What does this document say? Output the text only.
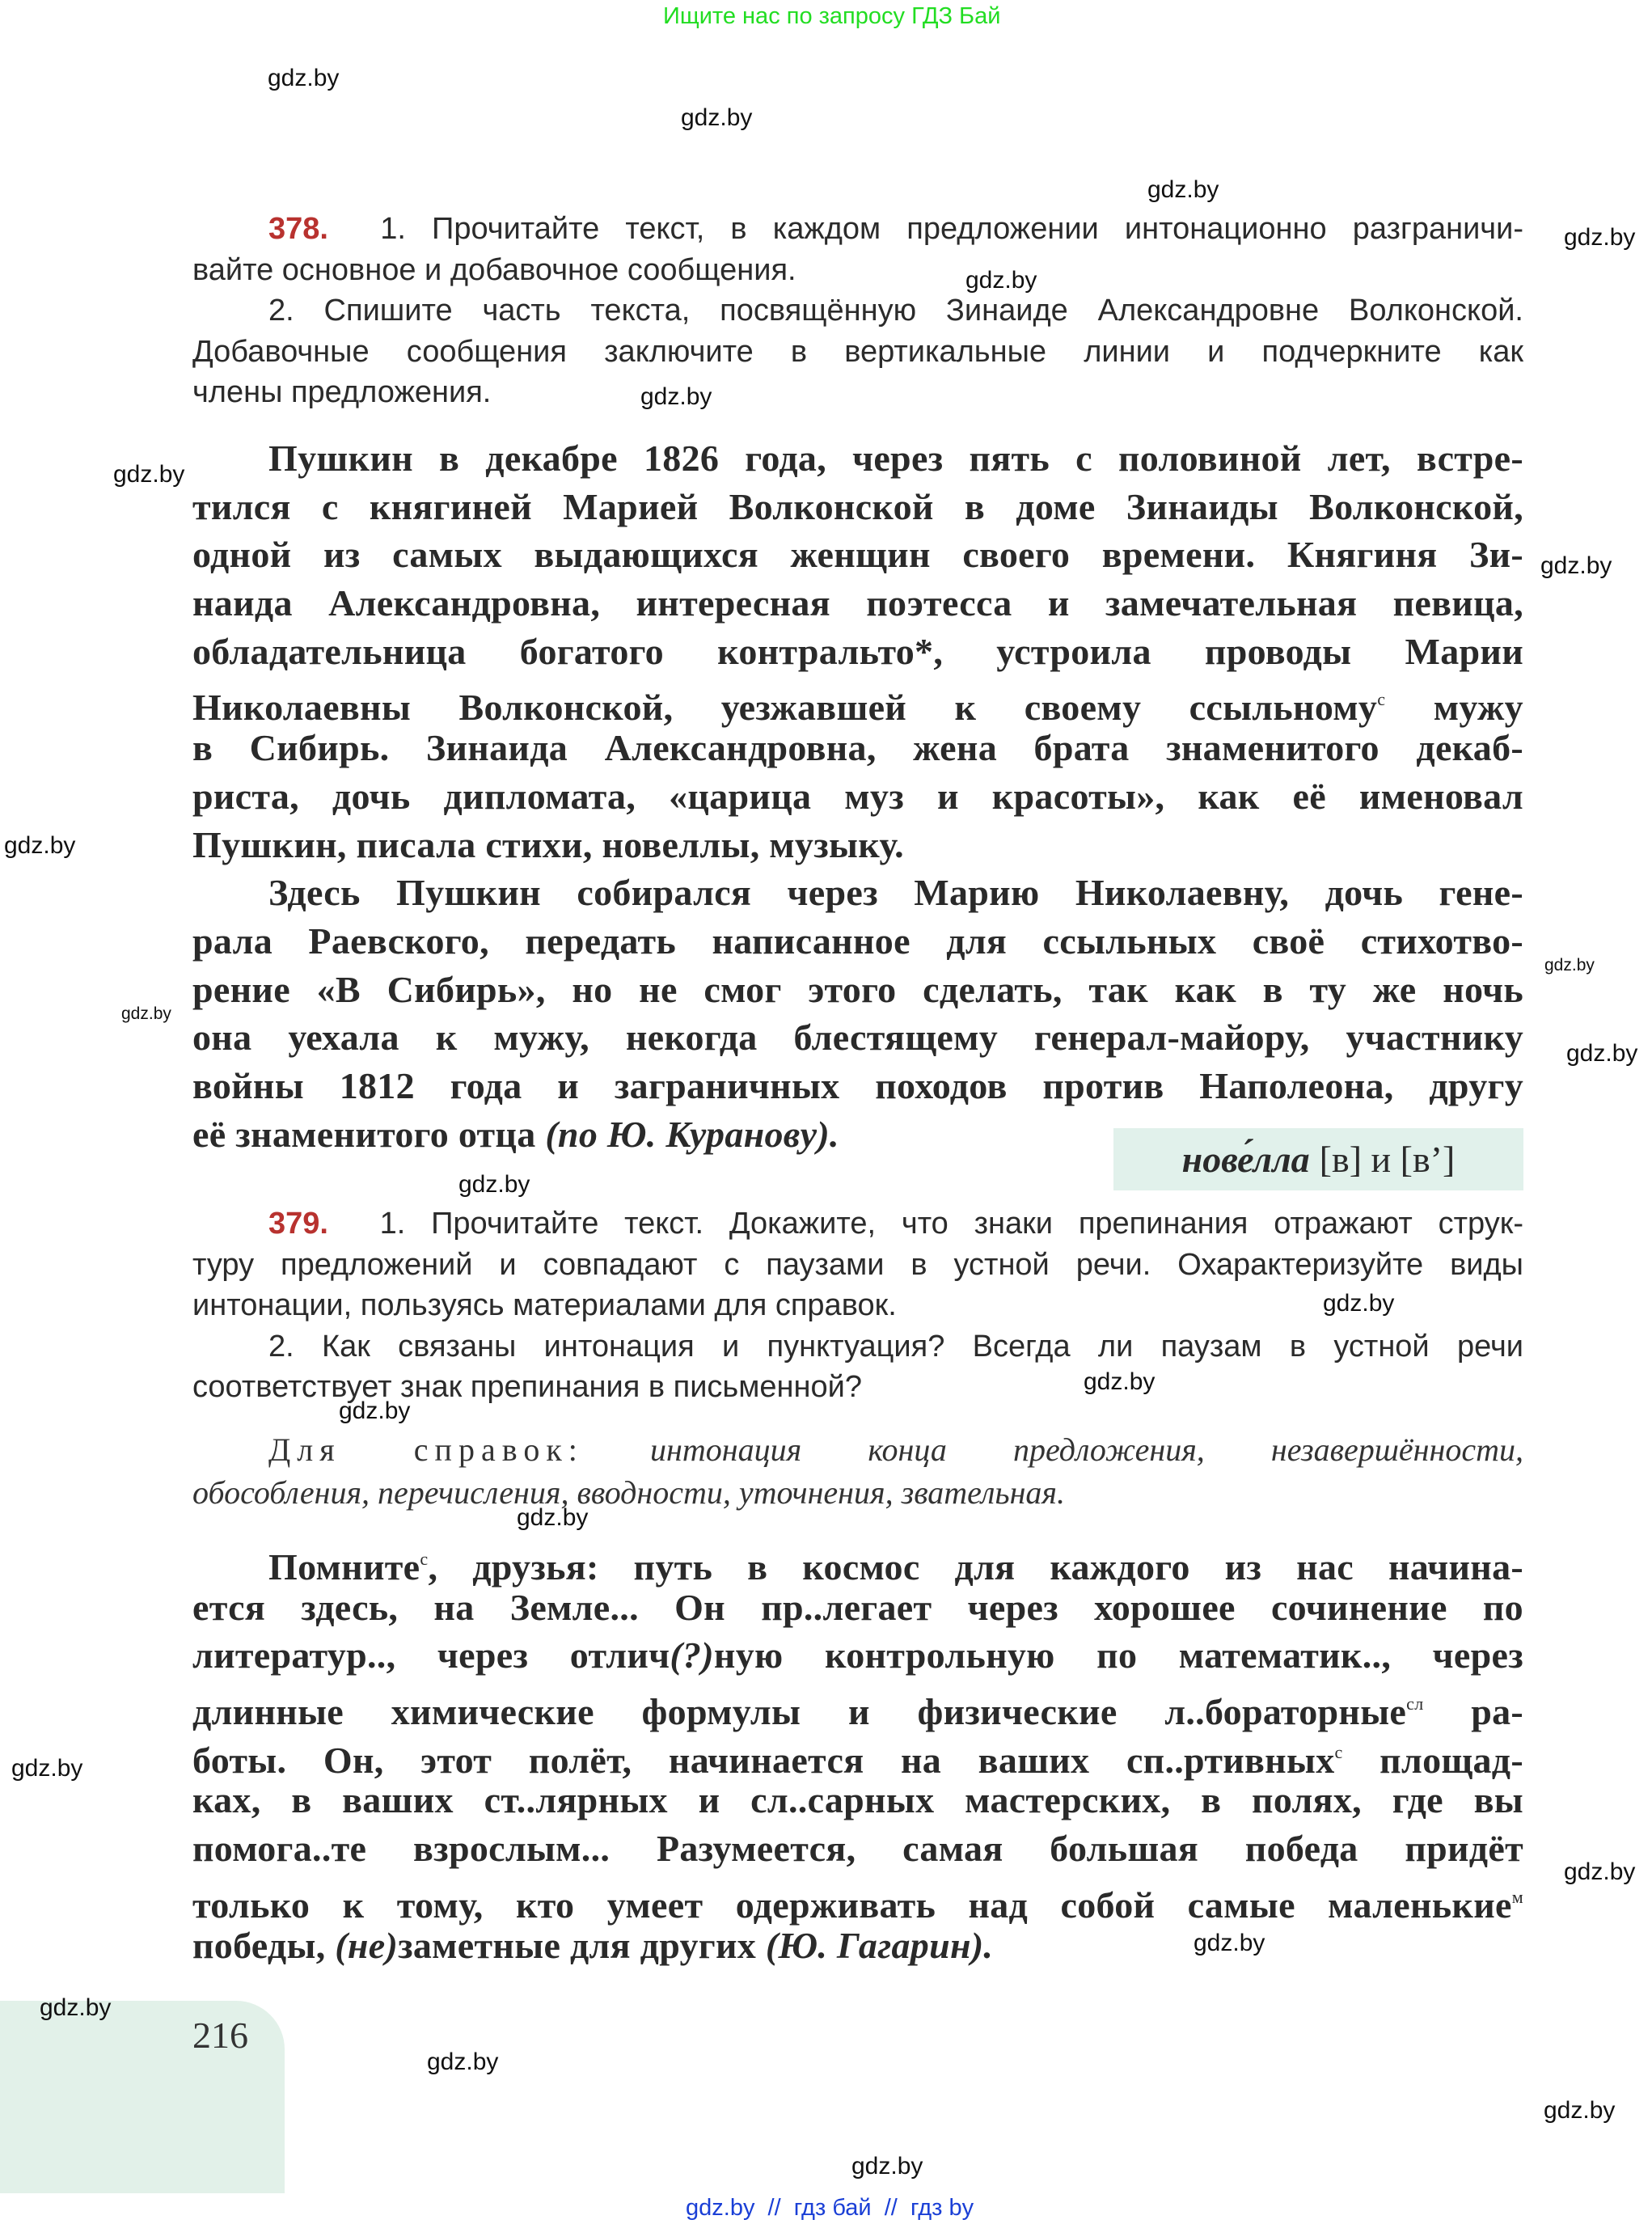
Ищите нас по запросу ГДЗ Бай
216
378.  1. Прочитайте текст, в каждом предложении интонационно разграничи-
вайте основное и добавочное сообщения.
2. Спишите часть текста, посвящённую Зинаиде Александровне Волконской.
Добавочные сообщения заключите в вертикальные линии и подчеркните как
члены предложения.
Пушкин в декабре 1826 года, через пять с половиной лет, встре-
тился с княгиней Марией Волконской в доме Зинаиды Волконской,
одной из самых выдающихся женщин своего времени. Княгиня Зи-
наида Александровна, интересная поэтесса и замечательная певица,
обладательница богатого контральто*, устроила проводы Марии
Николаевны Волконской, уезжавшей к своему ссыльному$^с$ мужу
в Сибирь. Зинаида Александровна, жена брата знаменитого декаб-
риста, дочь дипломата, «царица муз и красоты», как её именовал
Пушкин, писала стихи, новеллы, музыку.
Здесь Пушкин собирался через Марию Николаевну, дочь гене-
рала Раевского, передать написанное для ссыльных своё стихотво-
рение «В Сибирь», но не смог этого сделать, так как в ту же ночь
она уехала к мужу, некогда блестящему генерал-майору, участнику
войны 1812 года и заграничных походов против Наполеона, другу
её знаменитого отца (по Ю. Куранову).
нове́лла [в] и [в’]
379.  1. Прочитайте текст. Докажите, что знаки препинания отражают струк-
туру предложений и совпадают с паузами в устной речи. Охарактеризуйте виды
интонации, пользуясь материалами для справок.
2. Как связаны интонация и пунктуация? Всегда ли паузам в устной речи
соответствует знак препинания в письменной?
Для справок: интонация конца предложения, незавершённости,
обособления, перечисления, вводности, уточнения, звательная.
Помните$^с$, друзья: путь в космос для каждого из нас начина-
ется здесь, на Земле... Он пр..легает через хорошее сочинение по
литератур.., через отлич(?)ную контрольную по математик.., через
длинные химические формулы и физические л..бораторные$^{сл}$ ра-
боты. Он, этот полёт, начинается на ваших сп..ртивных$^с$ площад-
ках, в ваших ст..лярных и сл..сарных мастерских, в полях, где вы
помога..те взрослым... Разумеется, самая большая победа придёт
только к тому, кто умеет одерживать над собой самые маленькие$^м$
победы, (не)заметные для других (Ю. Гагарин).
gdz.by
gdz.by
gdz.by
gdz.by
gdz.by
gdz.by
gdz.by
gdz.by
gdz.by
gdz.by
gdz.by
gdz.by
gdz.by
gdz.by
gdz.by
gdz.by
gdz.by
gdz.by
gdz.by
gdz.by
gdz.by
gdz.by
gdz.by
gdz.by
gdz.by  //  гдз бай  //  гдз by
